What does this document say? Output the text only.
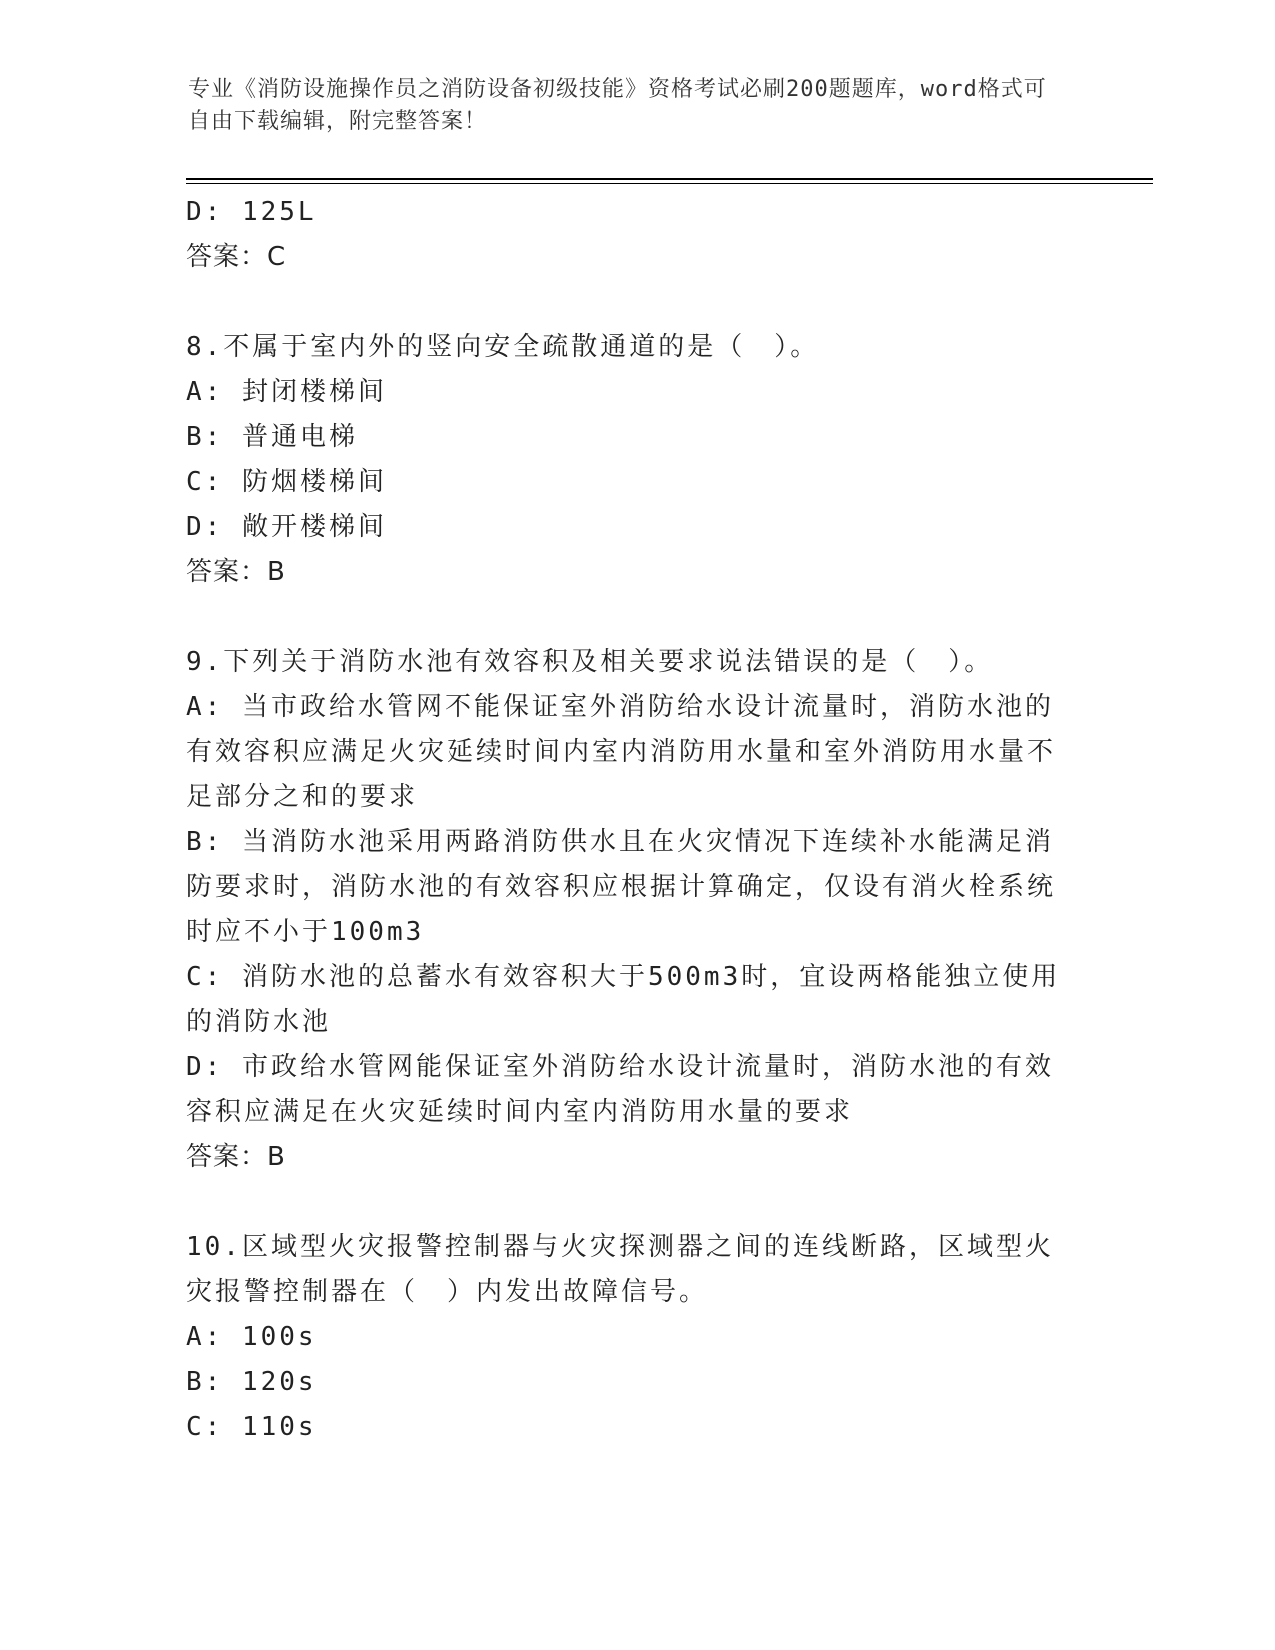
专业《消防设施操作员之消防设备初级技能》资格考试必刷200题题库，word格式可自由下载编辑，附完整答案！

D: 125L

答案：C

8.不属于室内外的竖向安全疏散通道的是（　）。

A: 封闭楼梯间

B: 普通电梯

C: 防烟楼梯间

D: 敞开楼梯间

答案：B

9.下列关于消防水池有效容积及相关要求说法错误的是（　）。

A: 当市政给水管网不能保证室外消防给水设计流量时，消防水池的有效容积应满足火灾延续时间内室内消防用水量和室外消防用水量不足部分之和的要求

B: 当消防水池采用两路消防供水且在火灾情况下连续补水能满足消防要求时，消防水池的有效容积应根据计算确定，仅设有消火栓系统时应不小于100m3

C: 消防水池的总蓄水有效容积大于500m3时，宜设两格能独立使用的消防水池

D: 市政给水管网能保证室外消防给水设计流量时，消防水池的有效容积应满足在火灾延续时间内室内消防用水量的要求

答案：B

10.区域型火灾报警控制器与火灾探测器之间的连线断路，区域型火灾报警控制器在（　）内发出故障信号。

A: 100s

B: 120s

C: 110s
